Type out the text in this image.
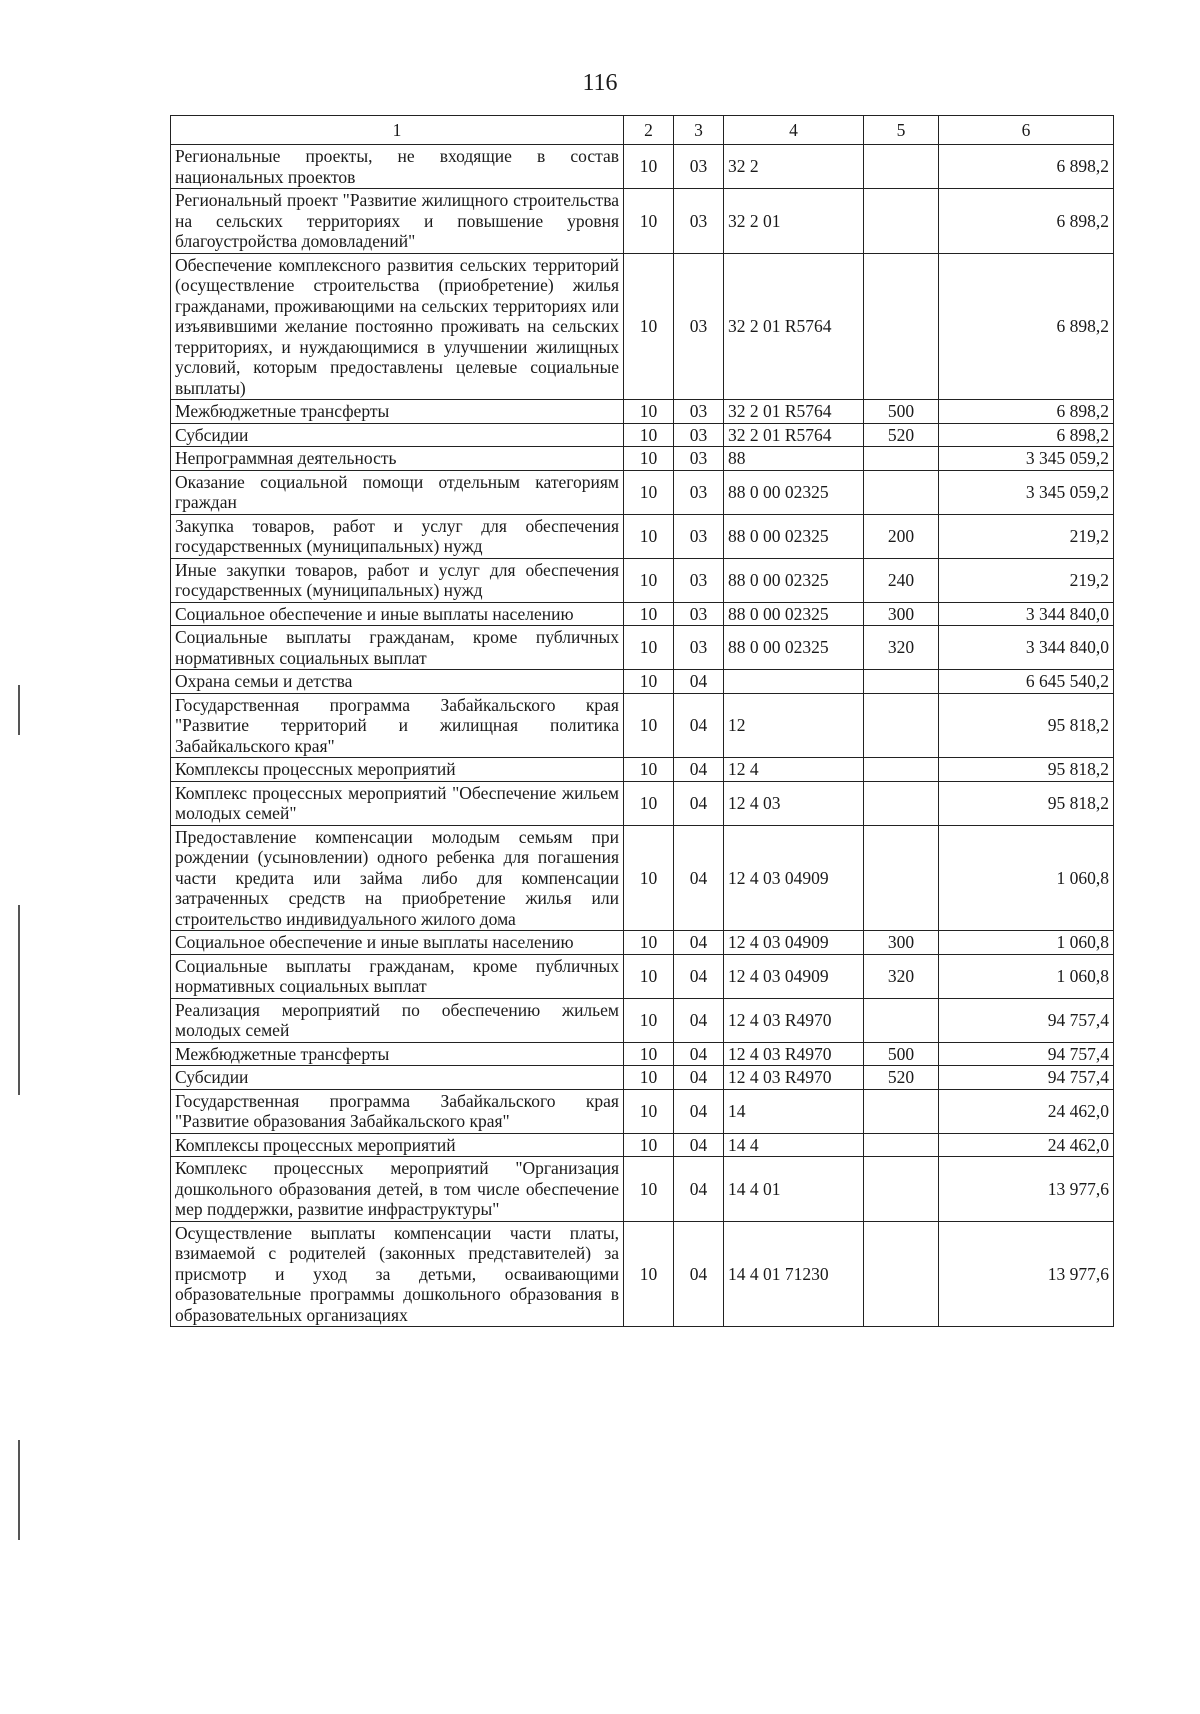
116
1	2	3	4	5	6
Региональные проекты, не входящие в состав национальных проектов	10	03	32 2		6 898,2
Региональный проект "Развитие жилищного строительства на сельских территориях и повышение уровня благоустройства домовладений"	10	03	32 2 01		6 898,2
Обеспечение комплексного развития сельских территорий (осуществление строительства (приобретение) жилья гражданами, проживающими на сельских территориях или изъявившими желание постоянно проживать на сельских территориях, и нуждающимися в улучшении жилищных условий, которым предоставлены целевые социальные выплаты)	10	03	32 2 01 R5764		6 898,2
Межбюджетные трансферты	10	03	32 2 01 R5764	500	6 898,2
Субсидии	10	03	32 2 01 R5764	520	6 898,2
Непрограммная деятельность	10	03	88		3 345 059,2
Оказание социальной помощи отдельным категориям граждан	10	03	88 0 00 02325		3 345 059,2
Закупка товаров, работ и услуг для обеспечения государственных (муниципальных) нужд	10	03	88 0 00 02325	200	219,2
Иные закупки товаров, работ и услуг для обеспечения государственных (муниципальных) нужд	10	03	88 0 00 02325	240	219,2
Социальное обеспечение и иные выплаты населению	10	03	88 0 00 02325	300	3 344 840,0
Социальные выплаты гражданам, кроме публичных нормативных социальных выплат	10	03	88 0 00 02325	320	3 344 840,0
Охрана семьи и детства	10	04			6 645 540,2
Государственная программа Забайкальского края "Развитие территорий и жилищная политика Забайкальского края"	10	04	12		95 818,2
Комплексы процессных мероприятий	10	04	12 4		95 818,2
Комплекс процессных мероприятий "Обеспечение жильем молодых семей"	10	04	12 4 03		95 818,2
Предоставление компенсации молодым семьям при рождении (усыновлении) одного ребенка для погашения части кредита или займа либо для компенсации затраченных средств на приобретение жилья или строительство индивидуального жилого дома	10	04	12 4 03 04909		1 060,8
Социальное обеспечение и иные выплаты населению	10	04	12 4 03 04909	300	1 060,8
Социальные выплаты гражданам, кроме публичных нормативных социальных выплат	10	04	12 4 03 04909	320	1 060,8
Реализация мероприятий по обеспечению жильем молодых семей	10	04	12 4 03 R4970		94 757,4
Межбюджетные трансферты	10	04	12 4 03 R4970	500	94 757,4
Субсидии	10	04	12 4 03 R4970	520	94 757,4
Государственная программа Забайкальского края "Развитие образования Забайкальского края"	10	04	14		24 462,0
Комплексы процессных мероприятий	10	04	14 4		24 462,0
Комплекс процессных мероприятий "Организация дошкольного образования детей, в том числе обеспечение мер поддержки, развитие инфраструктуры"	10	04	14 4 01		13 977,6
Осуществление выплаты компенсации части платы, взимаемой с родителей (законных представителей) за присмотр и уход за детьми, осваивающими образовательные программы дошкольного образования в образовательных организациях	10	04	14 4 01 71230		13 977,6
